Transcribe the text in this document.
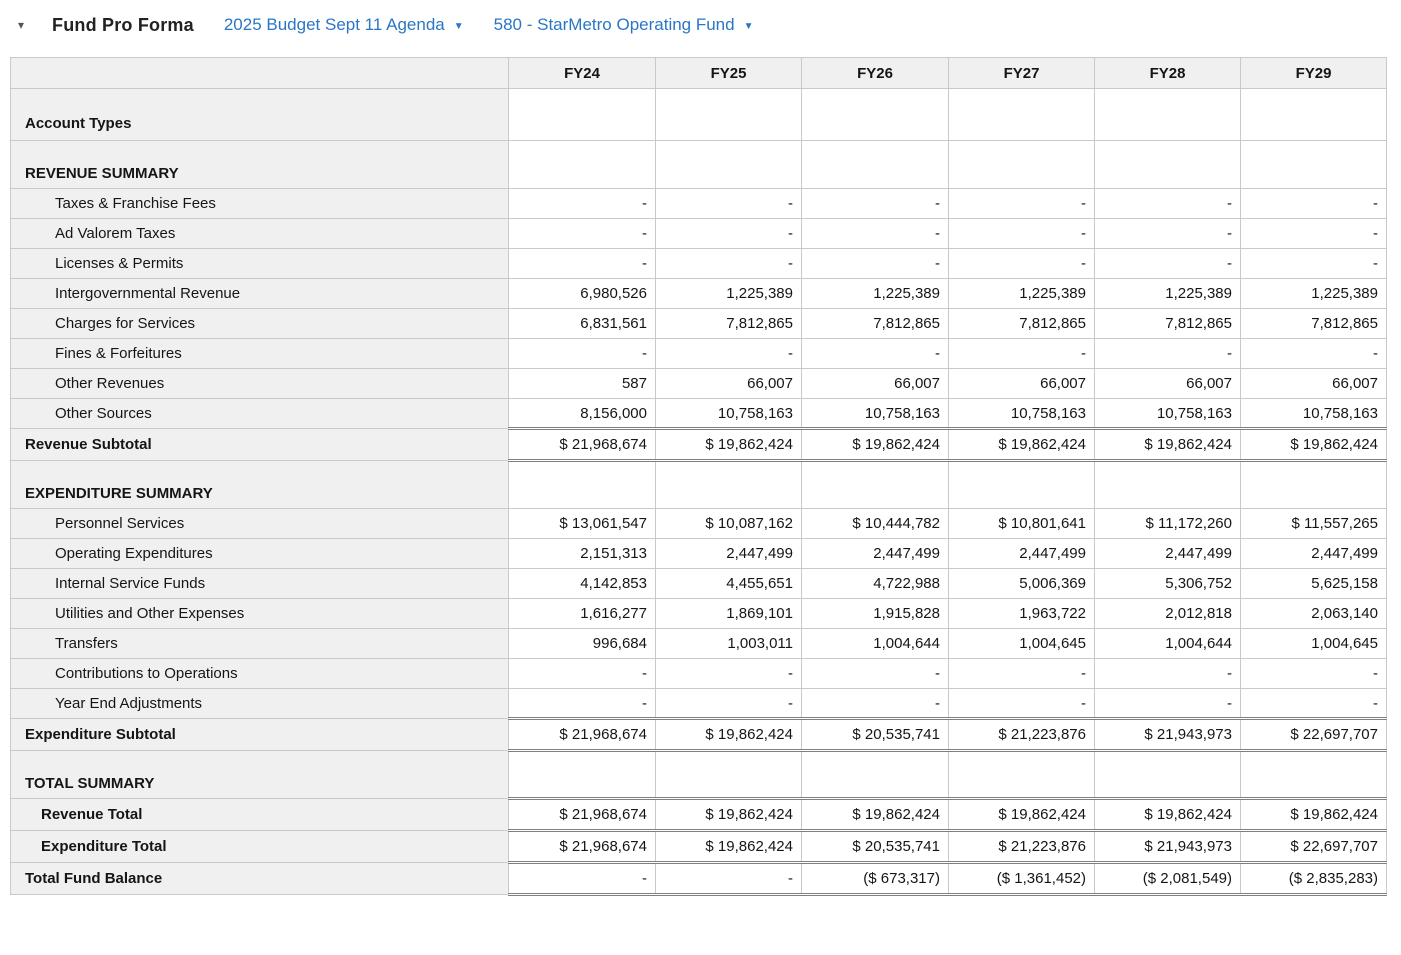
▾ Fund Pro Forma 2025 Budget Sept 11 Agenda ▼ 580 - StarMetro Operating Fund ▼
	FY24	FY25	FY26	FY27	FY28	FY29
Account Types						
REVENUE SUMMARY						
Taxes & Franchise Fees	-	-	-	-	-	-
Ad Valorem Taxes	-	-	-	-	-	-
Licenses & Permits	-	-	-	-	-	-
Intergovernmental Revenue	6,980,526	1,225,389	1,225,389	1,225,389	1,225,389	1,225,389
Charges for Services	6,831,561	7,812,865	7,812,865	7,812,865	7,812,865	7,812,865
Fines & Forfeitures	-	-	-	-	-	-
Other Revenues	587	66,007	66,007	66,007	66,007	66,007
Other Sources	8,156,000	10,758,163	10,758,163	10,758,163	10,758,163	10,758,163
Revenue Subtotal	$ 21,968,674	$ 19,862,424	$ 19,862,424	$ 19,862,424	$ 19,862,424	$ 19,862,424
EXPENDITURE SUMMARY						
Personnel Services	$ 13,061,547	$ 10,087,162	$ 10,444,782	$ 10,801,641	$ 11,172,260	$ 11,557,265
Operating Expenditures	2,151,313	2,447,499	2,447,499	2,447,499	2,447,499	2,447,499
Internal Service Funds	4,142,853	4,455,651	4,722,988	5,006,369	5,306,752	5,625,158
Utilities and Other Expenses	1,616,277	1,869,101	1,915,828	1,963,722	2,012,818	2,063,140
Transfers	996,684	1,003,011	1,004,644	1,004,645	1,004,644	1,004,645
Contributions to Operations	-	-	-	-	-	-
Year End Adjustments	-	-	-	-	-	-
Expenditure Subtotal	$ 21,968,674	$ 19,862,424	$ 20,535,741	$ 21,223,876	$ 21,943,973	$ 22,697,707
TOTAL SUMMARY						
Revenue Total	$ 21,968,674	$ 19,862,424	$ 19,862,424	$ 19,862,424	$ 19,862,424	$ 19,862,424
Expenditure Total	$ 21,968,674	$ 19,862,424	$ 20,535,741	$ 21,223,876	$ 21,943,973	$ 22,697,707
Total Fund Balance	-	-	($ 673,317)	($ 1,361,452)	($ 2,081,549)	($ 2,835,283)
